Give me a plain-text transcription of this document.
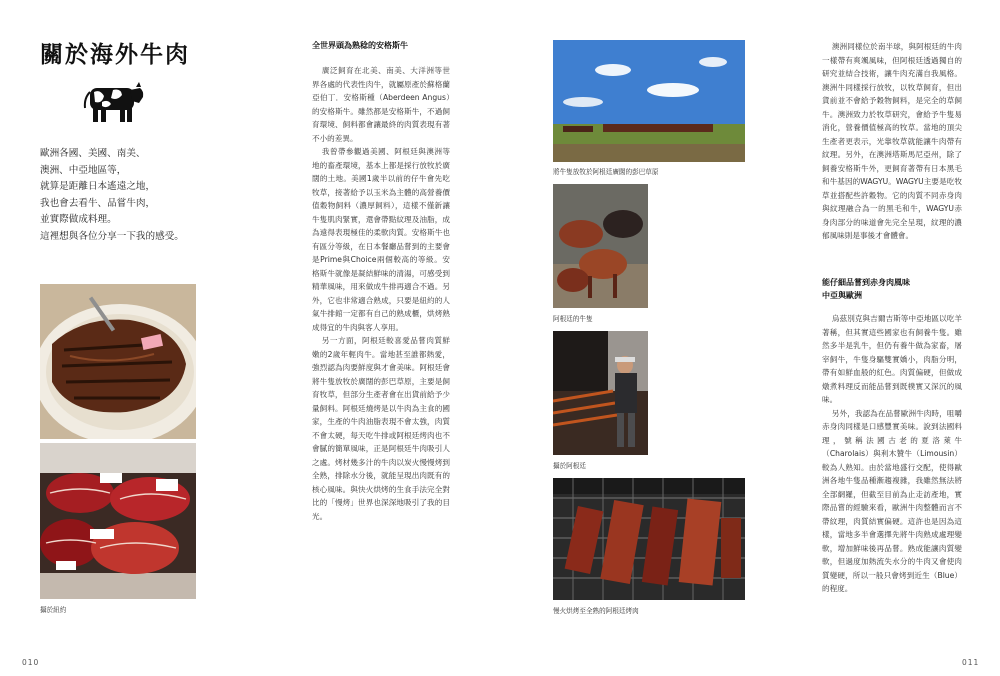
關於海外牛肉

歐洲各國、美國、南美、

澳洲、中亞地區等，

就算是距離日本遙遠之地，

我也會去看牛、品嘗牛肉，

並實際做成料理。

這裡想與各位分享一下我的感受。

攝於紐約
010
全世界頭為熟稔的安格斯牛

廣泛飼育在北美、南美、大洋洲等世界各處的代表性肉牛，就屬原產於蘇格蘭亞伯丁．安格斯種（Aberdeen Angus）的安格斯牛。雖然都是安格斯牛，不過飼育環境、飼料都會讓最終的肉質表現有著不小的差異。

我曾帶參觀過美國、阿根廷與澳洲等地的畜產環境，基本上都是採行放牧於廣闊的土地。美國1歲半以前的仔牛會先吃牧草，接著給予以玉米為主體的高營養價值穀物飼料（濃厚飼料），這樣不僅新讓牛隻肌肉緊實，還會帶點紋理及油脂，成為遠得表現極佳的柔軟肉質。安格斯牛也有區分等級，在日本餐廳品嘗到的主要會是Prime與Choice兩個較高的等級。安格斯牛就像是凝結鮮味的清湯，可感受到精華風味，用來做成牛排再適合不過。另外，它也非常適合熟成，只要是紐約的人氣牛排館一定都有自己的熟成櫃，烘烤熟成得宜的牛肉與客人享用。

另一方面，阿根廷較喜愛品嘗肉質鮮嫩的2歲年輕肉牛。當地甚至誰都熱愛，強烈認為肉要鮮度與才會美味。阿根廷會將牛隻放牧於廣闊的彭巴草原，主要是飼育牧草，但部分生產者會在出貨前給予少量飼料。阿根廷燒烤是以牛肉為主食的國家，生產的牛肉油脂表現不會太強，肉質不會太硬，每天吃牛排或阿根廷烤肉也不會膩的簡單風味，正是阿根廷牛肉吸引人之處。烤材幾多汁的牛肉以炭火慢慢烤到全熟，排除水分後，就能呈現出肉既有的核心風味。與快火烘烤的生食手法完全對比的「慢烤」世界也深深地吸引了我的目光。

將牛隻放牧於阿根廷廣闊的彭巴草原
阿根廷的牛隻
攝於阿根廷
慢火烘烤至全熟的阿根廷烤肉

澳洲同樣位於南半球，與阿根廷的牛肉一樣帶有爽颯風味，但阿根廷透過獨自的研究並結合技術，讓牛肉充滿自我風格。澳洲牛同樣採行放牧，以牧草飼育，但出貨前並不會給予穀物飼料，是完全的草飼牛。澳洲致力於牧草研究，會給予牛隻易消化，營養價值極高的牧草。當地的頂尖生產者更表示，光靠牧草就能讓牛肉帶有紋理。另外，在澳洲塔斯馬尼亞州，除了飼養安格斯牛外，更飼育著帶有日本黑毛和牛基因的WAGYU。WAGYU主要是吃牧草並搭配些許穀物。它的肉質不同赤身肉與紋理融合為一的黑毛和牛，WAGYU赤身肉部分的味道會先完全呈現，紋理的濃郁風味則是事後才會體會。

能仔細品嘗到赤身肉風味
中亞與歐洲

烏茲別克與吉爾吉斯等中亞地區以吃羊著稱，但其實這些國家也有飼養牛隻。雖然多半是乳牛，但仍有養牛做為家畜，屠宰飼牛，牛隻身驅雙實嬌小，肉脂分明，帶有如鮮血般的紅色。肉質偏硬，但做成燉煮料理反而能品嘗到既樸實又深沉的風味。

另外，我認為在品嘗歐洲牛肉時，咀嚼赤身肉同樣是口感豐實美味。說到法國料理，號稱法國古老的夏洛萊牛（Charolais）與利木贊牛（Limousin）較為人熟知。由於當地盛行交配，使得歐洲各地牛隻品種漸趨複雜，我雖然無法將全部網羅，但截至目前為止走訪產地，實際品嘗的經驗來看，歐洲牛肉整體而言不帶紋理，肉質結實偏硬。這許也是因為這樣，當地多半會選擇先將牛肉熟成處理變軟，增加鮮味後再品嘗。熟成能讓肉質變軟，但過度加熱流失水分的牛肉又會使肉質變硬，所以一般只會烤到近生（Blue）的程度。

011
